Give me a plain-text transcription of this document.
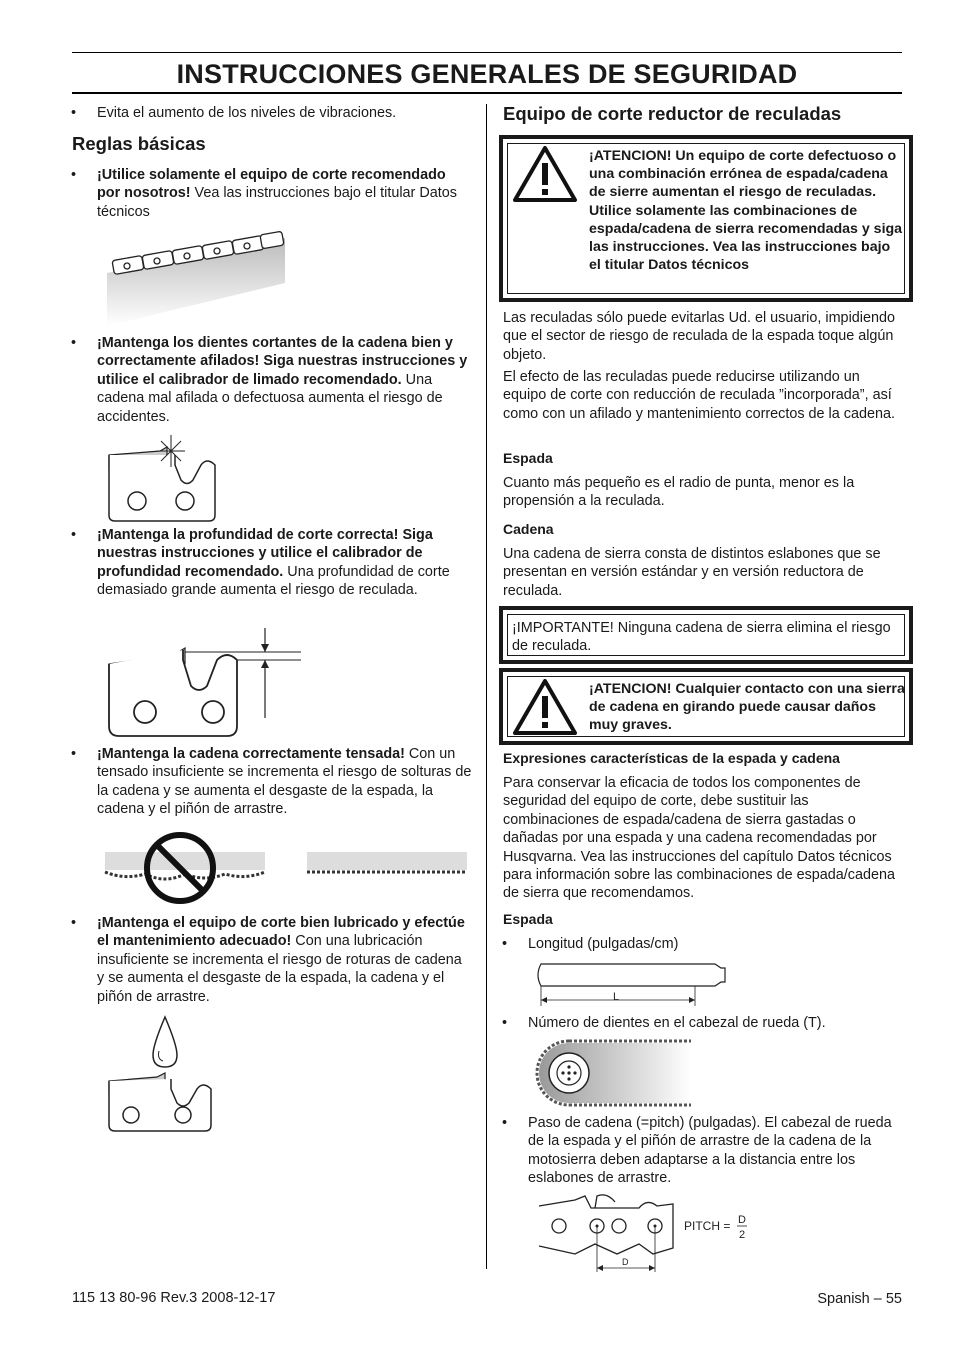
INSTRUCCIONES GENERALES DE SEGURIDAD
• Evita el aumento de los niveles de vibraciones.
Reglas básicas
• ¡Utilice solamente el equipo de corte recomendado por nosotros! Vea las instrucciones bajo el titular Datos técnicos
• ¡Mantenga los dientes cortantes de la cadena bien y correctamente afilados! Siga nuestras instrucciones y utilice el calibrador de limado recomendado. Una cadena mal afilada o defectuosa aumenta el riesgo de accidentes.
• ¡Mantenga la profundidad de corte correcta! Siga nuestras instrucciones y utilice el calibrador de profundidad recomendado. Una profundidad de corte demasiado grande aumenta el riesgo de reculada.
• ¡Mantenga la cadena correctamente tensada! Con un tensado insuficiente se incrementa el riesgo de solturas de la cadena y se aumenta el desgaste de la espada, la cadena y el piñón de arrastre.
• ¡Mantenga el equipo de corte bien lubricado y efectúe el mantenimiento adecuado! Con una lubricación insuficiente se incrementa el riesgo de roturas de cadena y se aumenta el desgaste de la espada, la cadena y el piñón de arrastre.
Equipo de corte reductor de reculadas
¡ATENCION! Un equipo de corte defectuoso o una combinación errónea de espada/cadena de sierre aumentan el riesgo de reculadas. Utilice solamente las combinaciones de espada/cadena de sierra recomendadas y siga las instrucciones. Vea las instrucciones bajo el titular Datos técnicos
Las reculadas sólo puede evitarlas Ud. el usuario, impidiendo que el sector de riesgo de reculada de la espada toque algún objeto.
El efecto de las reculadas puede reducirse utilizando un equipo de corte con reducción de reculada ”incorporada”, así como con un afilado y mantenimiento correctos de la cadena.
Espada
Cuanto más pequeño es el radio de punta, menor es la propensión a la reculada.
Cadena
Una cadena de sierra consta de distintos eslabones que se presentan en versión estándar y en versión reductora de reculada.
¡IMPORTANTE! Ninguna cadena de sierra elimina el riesgo de reculada.
¡ATENCION! Cualquier contacto con una sierra de cadena en girando puede causar daños muy graves.
Expresiones características de la espada y cadena
Para conservar la eficacia de todos los componentes de seguridad del equipo de corte, debe sustituir las combinaciones de espada/cadena de sierra gastadas o dañadas por una espada y una cadena recomendadas por Husqvarna. Vea las instrucciones del capítulo Datos técnicos para información sobre las combinaciones de espada/cadena de sierra que recomendamos.
Espada
• Longitud (pulgadas/cm)
L
• Número de dientes en el cabezal de rueda (T).
• Paso de cadena (=pitch) (pulgadas). El cabezal de rueda de la espada y el piñón de arrastre de la cadena de la motosierra deben adaptarse a la distancia entre los eslabones de arrastre.
D
PITCH = D
2
115 13 80-96 Rev.3 2008-12-17	Spanish – 55
